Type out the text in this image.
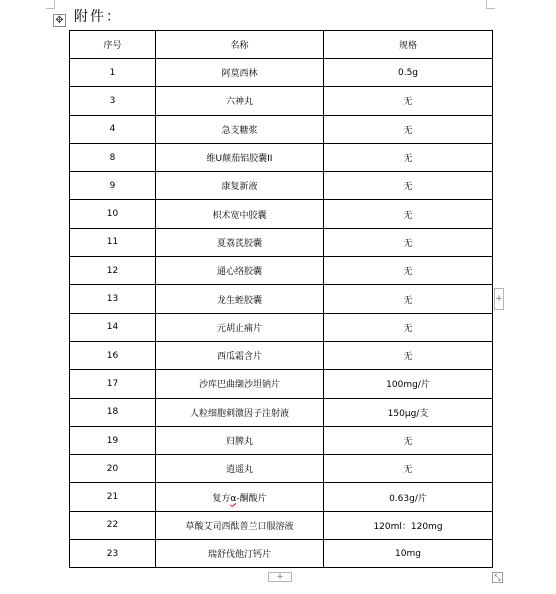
✥ 附件：
序号	名称	规格
1	阿莫西林	0.5g
3	六神丸	无
4	急支糖浆	无
8	维U颠茄铝胶囊II	无
9	康复新液	无
10	枳术宽中胶囊	无
11	夏荔芪胶囊	无
12	通心络胶囊	无
13	龙生蛭胶囊	无
14	元胡止痛片	无
16	西瓜霜含片	无
17	沙库巴曲缬沙坦钠片	100mg/片
18	人粒细胞刺激因子注射液	150μg/支
19	归脾丸	无
20	逍遥丸	无
21	复方α-酮酸片	0.63g/片
22	草酸艾司西酞普兰口服溶液	120ml：120mg
23	瑞舒伐他汀钙片	10mg
+
+	⤡
